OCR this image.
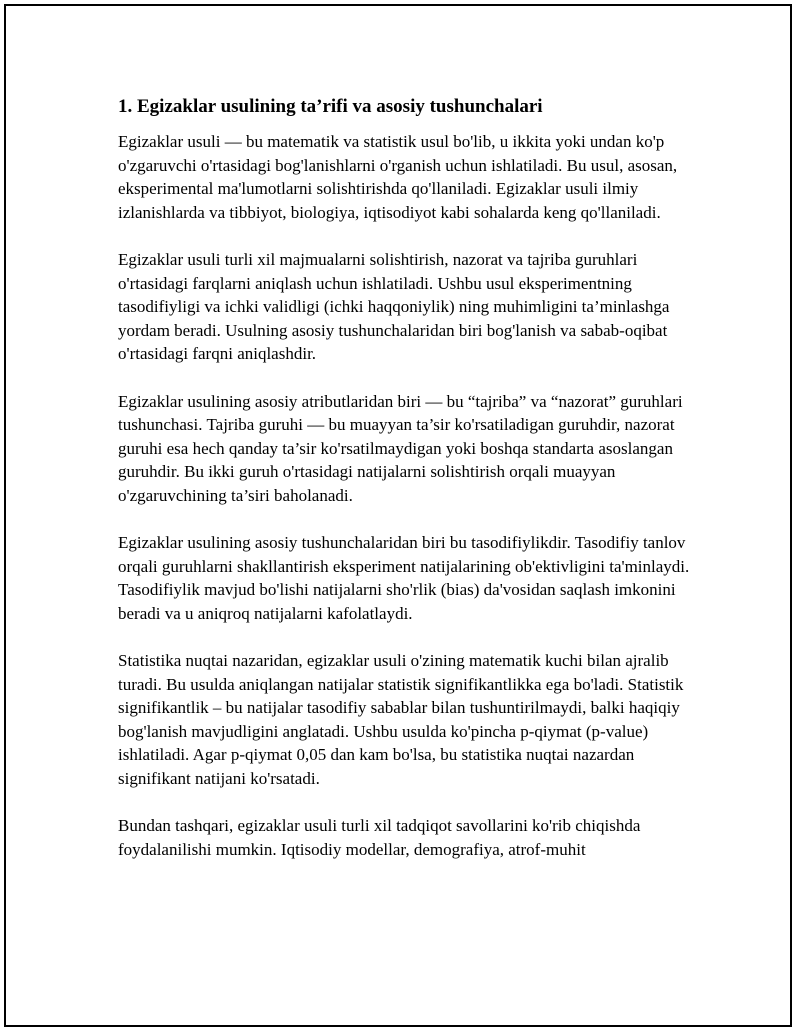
1. Egizaklar usulining ta’rifi va asosiy tushunchalari

Egizaklar usuli — bu matematik va statistik usul bo'lib, u ikkita yoki undan ko'p o'zgaruvchi o'rtasidagi bog'lanishlarni o'rganish uchun ishlatiladi. Bu usul, asosan, eksperimental ma'lumotlarni solishtirishda qo'llaniladi. Egizaklar usuli ilmiy izlanishlarda va tibbiyot, biologiya, iqtisodiyot kabi sohalarda keng qo'llaniladi.

Egizaklar usuli turli xil majmualarni solishtirish, nazorat va tajriba guruhlari o'rtasidagi farqlarni aniqlash uchun ishlatiladi. Ushbu usul eksperimentning tasodifiyligi va ichki validligi (ichki haqqoniylik) ning muhimligini ta’minlashga yordam beradi. Usulning asosiy tushunchalaridan biri bog'lanish va sabab-oqibat o'rtasidagi farqni aniqlashdir.

Egizaklar usulining asosiy atributlaridan biri — bu “tajriba” va “nazorat” guruhlari tushunchasi. Tajriba guruhi — bu muayyan ta’sir ko'rsatiladigan guruhdir, nazorat guruhi esa hech qanday ta’sir ko'rsatilmaydigan yoki boshqa standarta asoslangan guruhdir. Bu ikki guruh o'rtasidagi natijalarni solishtirish orqali muayyan o'zgaruvchining ta’siri baholanadi.

Egizaklar usulining asosiy tushunchalaridan biri bu tasodifiylikdir. Tasodifiy tanlov orqali guruhlarni shakllantirish eksperiment natijalarining ob'ektivligini ta'minlaydi. Tasodifiylik mavjud bo'lishi natijalarni sho'rlik (bias) da'vosidan saqlash imkonini beradi va u aniqroq natijalarni kafolatlaydi.

Statistika nuqtai nazaridan, egizaklar usuli o'zining matematik kuchi bilan ajralib turadi. Bu usulda aniqlangan natijalar statistik signifikantlikka ega bo'ladi. Statistik signifikantlik – bu natijalar tasodifiy sabablar bilan tushuntirilmaydi, balki haqiqiy bog'lanish mavjudligini anglatadi. Ushbu usulda ko'pincha p-qiymat (p-value) ishlatiladi. Agar p-qiymat 0,05 dan kam bo'lsa, bu statistika nuqtai nazardan signifikant natijani ko'rsatadi.

Bundan tashqari, egizaklar usuli turli xil tadqiqot savollarini ko'rib chiqishda foydalanilishi mumkin. Iqtisodiy modellar, demografiya, atrof-muhit
